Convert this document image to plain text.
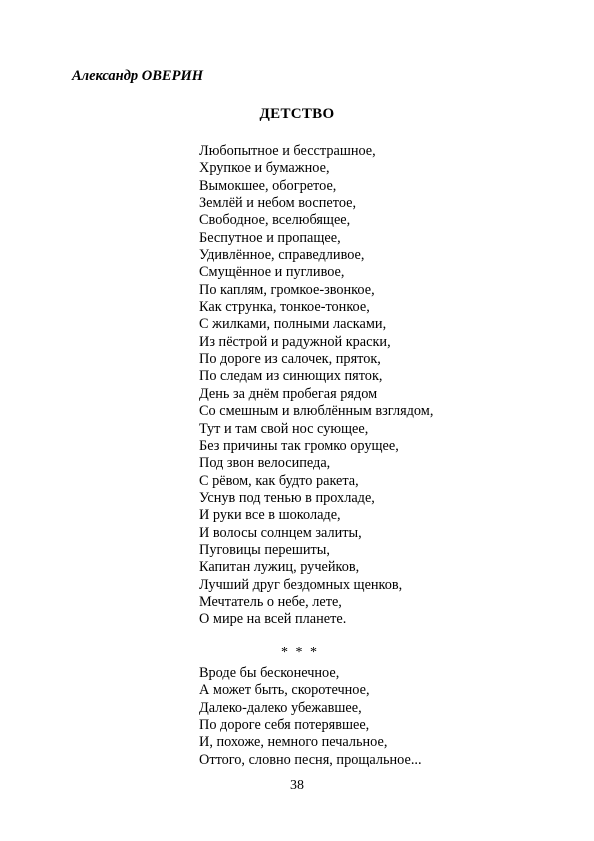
Александр ОВЕРИН
ДЕТСТВО
Любопытное и бесстрашное,
Хрупкое и бумажное,
Вымокшее, обогретое,
Землёй и небом воспетое,
Свободное, вселюбящее,
Беспутное и пропащее,
Удивлённое, справедливое,
Смущённое и пугливое,
По каплям, громкое-звонкое,
Как струнка, тонкое-тонкое,
С жилками, полными ласками,
Из пёстрой и радужной краски,
По дороге из салочек, пряток,
По следам из синющих пяток,
День за днём пробегая рядом
Со смешным и влюблённым взглядом,
Тут и там свой нос сующее,
Без причины так громко орущее,
Под звон велосипеда,
С рёвом, как будто ракета,
Уснув под тенью в прохладе,
И руки все в шоколаде,
И волосы солнцем залиты,
Пуговицы перешиты,
Капитан лужиц, ручейков,
Лучший друг бездомных щенков,
Мечтатель о небе, лете,
О мире на всей планете.
* * *
Вроде бы бесконечное,
А может быть, скоротечное,
Далеко-далеко убежавшее,
По дороге себя потерявшее,
И, похоже, немного печальное,
Оттого, словно песня, прощальное...
38
